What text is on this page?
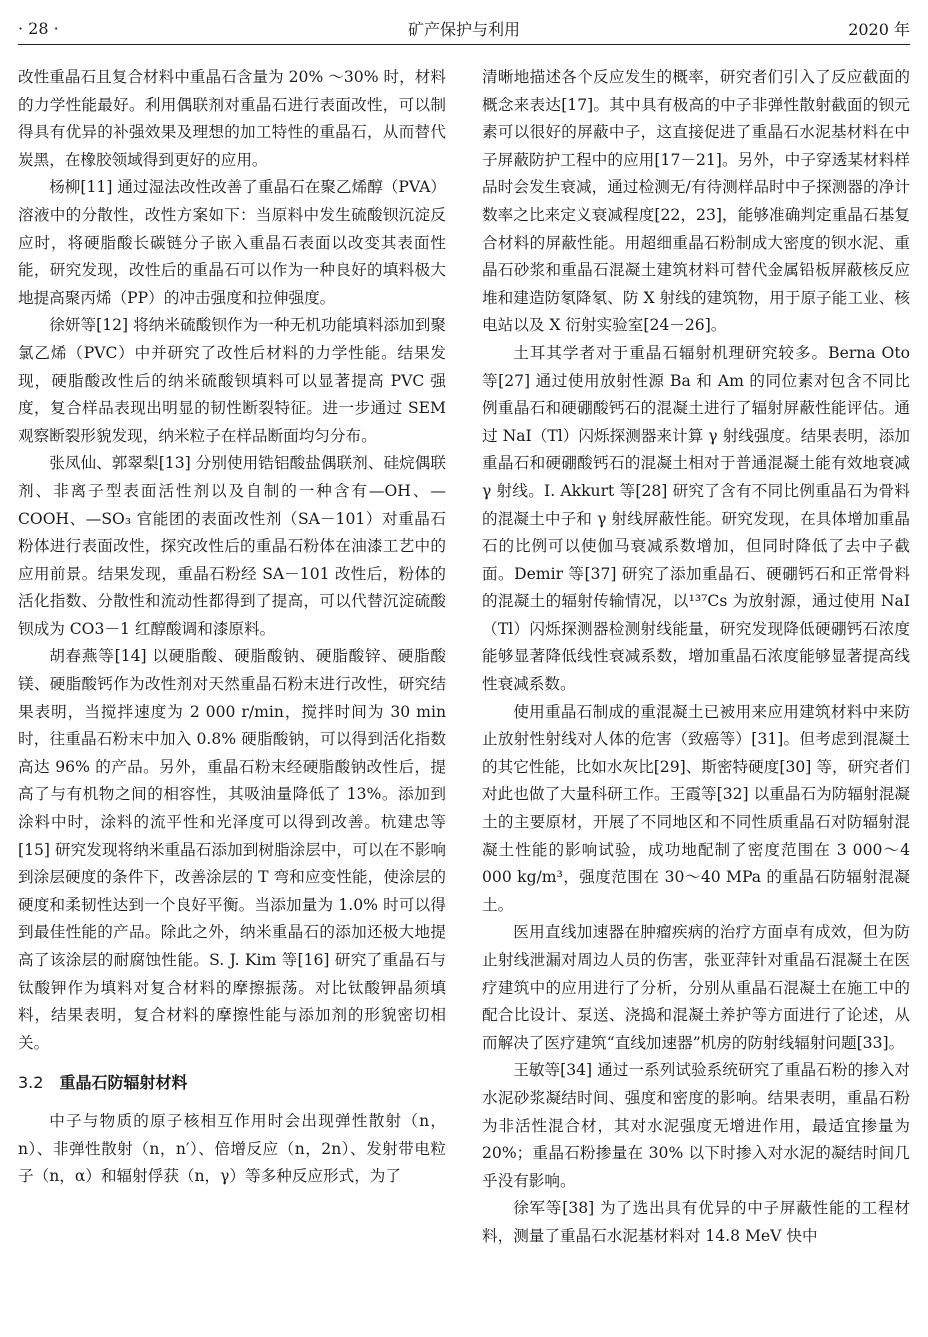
· 28 ·	矿产保护与利用	2020 年

改性重晶石且复合材料中重晶石含量为 20% ～30% 时，材料的力学性能最好。利用偶联剂对重晶石进行表面改性，可以制得具有优异的补强效果及理想的加工特性的重晶石，从而替代炭黑，在橡胶领域得到更好的应用。

杨柳[11] 通过湿法改性改善了重晶石在聚乙烯醇（PVA）溶液中的分散性，改性方案如下：当原料中发生硫酸钡沉淀反应时，将硬脂酸长碳链分子嵌入重晶石表面以改变其表面性能，研究发现，改性后的重晶石可以作为一种良好的填料极大地提高聚丙烯（PP）的冲击强度和拉伸强度。

徐妍等[12] 将纳米硫酸钡作为一种无机功能填料添加到聚氯乙烯（PVC）中并研究了改性后材料的力学性能。结果发现，硬脂酸改性后的纳米硫酸钡填料可以显著提高 PVC 强度，复合样品表现出明显的韧性断裂特征。进一步通过 SEM 观察断裂形貌发现，纳米粒子在样品断面均匀分布。

张凤仙、郭翠梨[13] 分别使用锆铝酸盐偶联剂、硅烷偶联剂、非离子型表面活性剂以及自制的一种含有—OH、—COOH、—SO₃ 官能团的表面改性剂（SA－101）对重晶石粉体进行表面改性，探究改性后的重晶石粉体在油漆工艺中的应用前景。结果发现，重晶石粉经 SA－101 改性后，粉体的活化指数、分散性和流动性都得到了提高，可以代替沉淀硫酸钡成为 CO3－1 红醇酸调和漆原料。

胡春燕等[14] 以硬脂酸、硬脂酸钠、硬脂酸锌、硬脂酸镁、硬脂酸钙作为改性剂对天然重晶石粉末进行改性，研究结果表明，当搅拌速度为 2 000 r/min，搅拌时间为 30 min 时，往重晶石粉末中加入 0.8% 硬脂酸钠，可以得到活化指数高达 96% 的产品。另外，重晶石粉末经硬脂酸钠改性后，提高了与有机物之间的相容性，其吸油量降低了 13%。添加到涂料中时，涂料的流平性和光泽度可以得到改善。杭建忠等[15] 研究发现将纳米重晶石添加到树脂涂层中，可以在不影响到涂层硬度的条件下，改善涂层的 T 弯和应变性能，使涂层的硬度和柔韧性达到一个良好平衡。当添加量为 1.0% 时可以得到最佳性能的产品。除此之外，纳米重晶石的添加还极大地提高了该涂层的耐腐蚀性能。S. J. Kim 等[16] 研究了重晶石与钛酸钾作为填料对复合材料的摩擦振荡。对比钛酸钾晶须填料，结果表明，复合材料的摩擦性能与添加剂的形貌密切相关。

3.2 重晶石防辐射材料

中子与物质的原子核相互作用时会出现弹性散射（n，n）、非弹性散射（n，n′）、倍增反应（n，2n）、发射带电粒子（n，α）和辐射俘获（n，γ）等多种反应形式，为了

清晰地描述各个反应发生的概率，研究者们引入了反应截面的概念来表达[17]。其中具有极高的中子非弹性散射截面的钡元素可以很好的屏蔽中子，这直接促进了重晶石水泥基材料在中子屏蔽防护工程中的应用[17－21]。另外，中子穿透某材料样品时会发生衰减，通过检测无/有待测样品时中子探测器的净计数率之比来定义衰减程度[22，23]，能够准确判定重晶石基复合材料的屏蔽性能。用超细重晶石粉制成大密度的钡水泥、重晶石砂浆和重晶石混凝土建筑材料可替代金属铅板屏蔽核反应堆和建造防氡降氡、防 X 射线的建筑物，用于原子能工业、核电站以及 X 衍射实验室[24－26]。

土耳其学者对于重晶石辐射机理研究较多。Berna Oto 等[27] 通过使用放射性源 Ba 和 Am 的同位素对包含不同比例重晶石和硬硼酸钙石的混凝土进行了辐射屏蔽性能评估。通过 NaI（Tl）闪烁探测器来计算 γ 射线强度。结果表明，添加重晶石和硬硼酸钙石的混凝土相对于普通混凝土能有效地衰减 γ 射线。I. Akkurt 等[28] 研究了含有不同比例重晶石为骨料的混凝土中子和 γ 射线屏蔽性能。研究发现，在具体增加重晶石的比例可以使伽马衰减系数增加，但同时降低了去中子截面。Demir 等[37] 研究了添加重晶石、硬硼钙石和正常骨料的混凝土的辐射传输情况，以¹³⁷Cs 为放射源，通过使用 NaI（Tl）闪烁探测器检测射线能量，研究发现降低硬硼钙石浓度能够显著降低线性衰减系数，增加重晶石浓度能够显著提高线性衰减系数。

使用重晶石制成的重混凝土已被用来应用建筑材料中来防止放射性射线对人体的危害（致癌等）[31]。但考虑到混凝土的其它性能，比如水灰比[29]、斯密特硬度[30] 等，研究者们对此也做了大量科研工作。王霞等[32] 以重晶石为防辐射混凝土的主要原材，开展了不同地区和不同性质重晶石对防辐射混凝土性能的影响试验，成功地配制了密度范围在 3 000～4 000 kg/m³，强度范围在 30～40 MPa 的重晶石防辐射混凝土。

医用直线加速器在肿瘤疾病的治疗方面卓有成效，但为防止射线泄漏对周边人员的伤害，张亚萍针对重晶石混凝土在医疗建筑中的应用进行了分析，分别从重晶石混凝土在施工中的配合比设计、泵送、浇捣和混凝土养护等方面进行了论述，从而解决了医疗建筑“直线加速器”机房的防射线辐射问题[33]。

王敏等[34] 通过一系列试验系统研究了重晶石粉的掺入对水泥砂浆凝结时间、强度和密度的影响。结果表明，重晶石粉为非活性混合材，其对水泥强度无增进作用，最适宜掺量为 20%；重晶石粉掺量在 30% 以下时掺入对水泥的凝结时间几乎没有影响。

徐军等[38] 为了选出具有优异的中子屏蔽性能的工程材料，测量了重晶石水泥基材料对 14.8 MeV 快中
